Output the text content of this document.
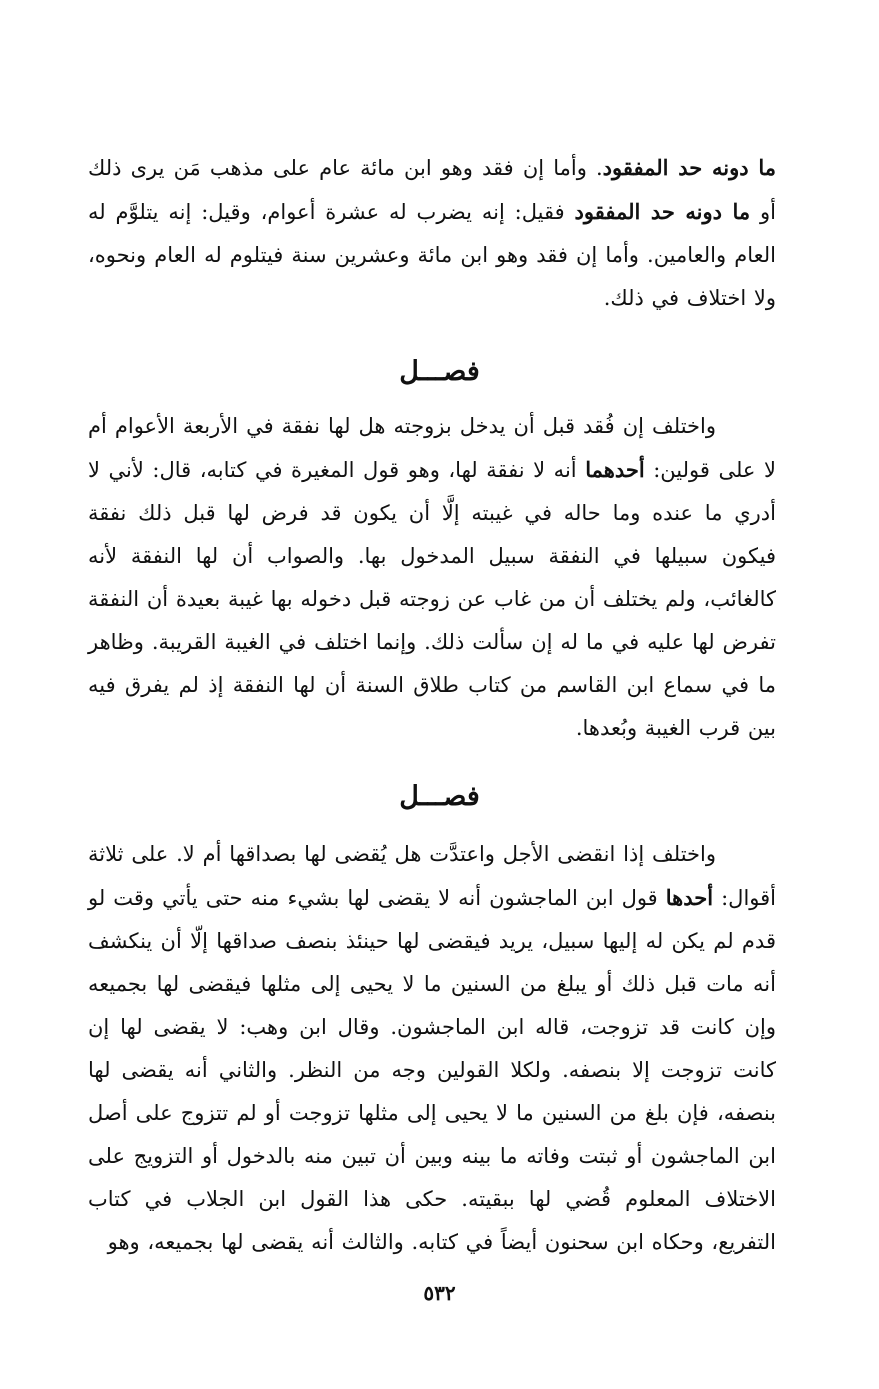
ما دونه حد المفقود. وأما إن فقد وهو ابن مائة عام على مذهب مَن يرى ذلك أو ما دونه حد المفقود فقيل: إنه يضرب له عشرة أعوام، وقيل: إنه يتلوَّم له العام والعامين. وأما إن فقد وهو ابن مائة وعشرين سنة فيتلوم له العام ونحوه، ولا اختلاف في ذلك.

فصـــل

واختلف إن فُقد قبل أن يدخل بزوجته هل لها نفقة في الأربعة الأعوام أم لا على قولين: أحدهما أنه لا نفقة لها، وهو قول المغيرة في كتابه، قال: لأني لا أدري ما عنده وما حاله في غيبته إلَّا أن يكون قد فرض لها قبل ذلك نفقة فيكون سبيلها في النفقة سبيل المدخول بها. والصواب أن لها النفقة لأنه كالغائب، ولم يختلف أن من غاب عن زوجته قبل دخوله بها غيبة بعيدة أن النفقة تفرض لها عليه في ما له إن سألت ذلك. وإنما اختلف في الغيبة القريبة. وظاهر ما في سماع ابن القاسم من كتاب طلاق السنة أن لها النفقة إذ لم يفرق فيه بين قرب الغيبة وبُعدها.

فصـــل

واختلف إذا انقضى الأجل واعتدَّت هل يُقضى لها بصداقها أم لا. على ثلاثة أقوال: أحدها قول ابن الماجشون أنه لا يقضى لها بشيء منه حتى يأتي وقت لو قدم لم يكن له إليها سبيل، يريد فيقضى لها حينئذ بنصف صداقها إلّا أن ينكشف أنه مات قبل ذلك أو يبلغ من السنين ما لا يحيى إلى مثلها فيقضى لها بجميعه وإن كانت قد تزوجت، قاله ابن الماجشون. وقال ابن وهب: لا يقضى لها إن كانت تزوجت إلا بنصفه. ولكلا القولين وجه من النظر. والثاني أنه يقضى لها بنصفه، فإن بلغ من السنين ما لا يحيى إلى مثلها تزوجت أو لم تتزوج على أصل ابن الماجشون أو ثبتت وفاته ما بينه وبين أن تبين منه بالدخول أو التزويج على الاختلاف المعلوم قُضي لها ببقيته. حكى هذا القول ابن الجلاب في كتاب التفريع، وحكاه ابن سحنون أيضاً في كتابه. والثالث أنه يقضى لها بجميعه، وهو

٥٣٢
